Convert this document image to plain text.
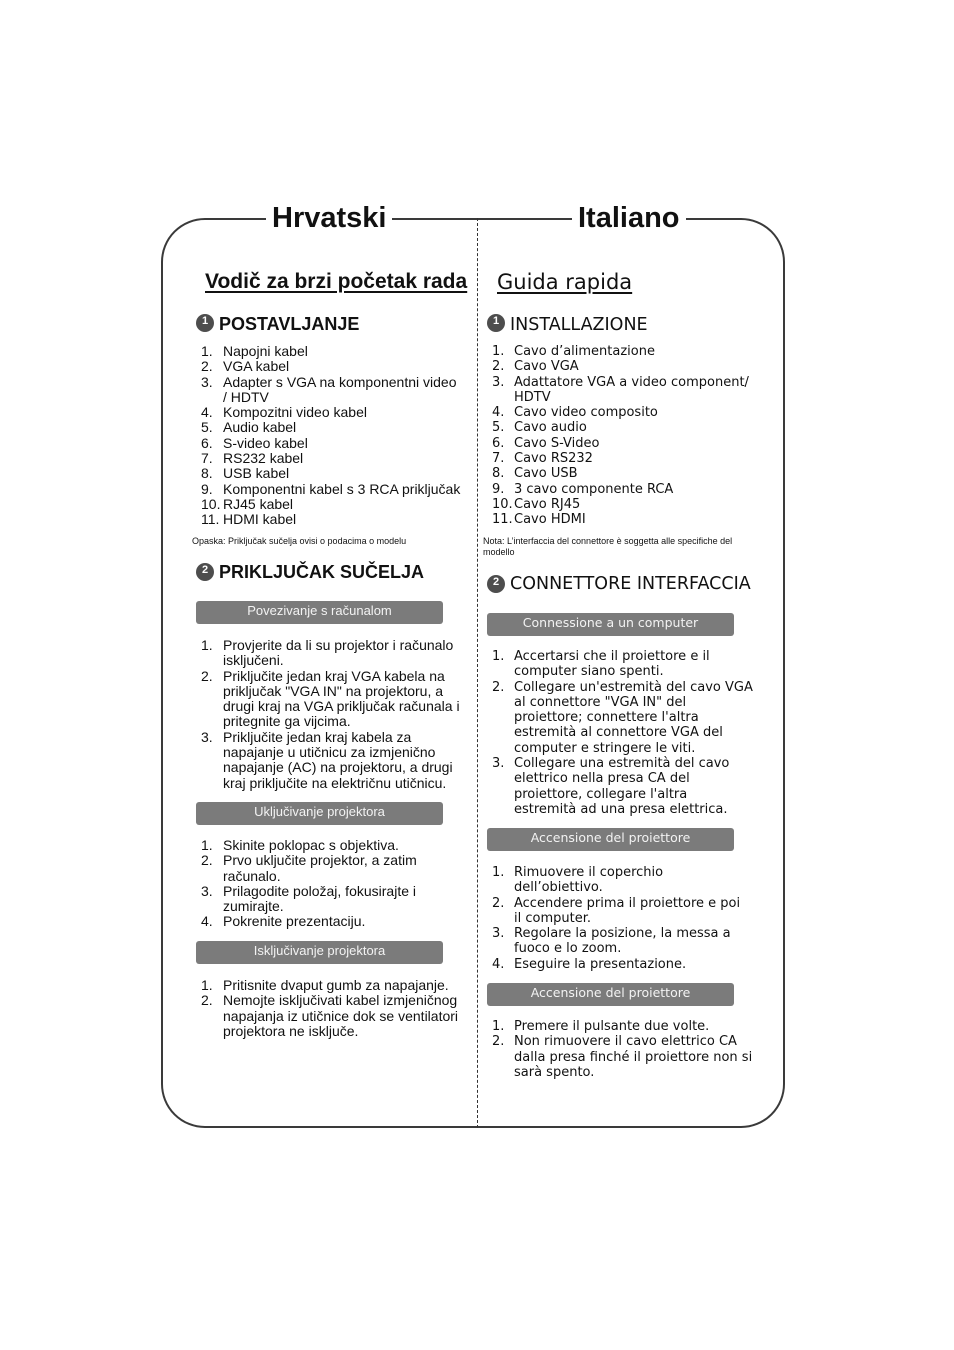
Hrvatski	Italiano
Vodič za brzi početak rada
1 POSTAVLJANJE
1. Napojni kabel
2. VGA kabel
3. Adapter s VGA na komponentni video
/ HDTV
4. Kompozitni video kabel
5. Audio kabel
6. S-video kabel
7. RS232 kabel
8. USB kabel
9. Komponentni kabel s 3 RCA priključak
10. RJ45 kabel
11. HDMI kabel
Opaska: Priključak sučelja ovisi o podacima o modelu
2 PRIKLJUČAK SUČELJA
Povezivanje s računalom
1. Provjerite da li su projektor i računalo
isključeni.
2. Priključite jedan kraj VGA kabela na
priključak "VGA IN" na projektoru, a
drugi kraj na VGA priključak računala i
pritegnite ga vijcima.
3. Priključite jedan kraj kabela za
napajanje u utičnicu za izmjenično
napajanje (AC) na projektoru, a drugi
kraj priključite na električnu utičnicu.
Uključivanje projektora
1. Skinite poklopac s objektiva.
2. Prvo uključite projektor, a zatim
računalo.
3. Prilagodite položaj, fokusirajte i
zumirajte.
4. Pokrenite prezentaciju.
Isključivanje projektora
1. Pritisnite dvaput gumb za napajanje.
2. Nemojte isključivati kabel izmjeničnog
napajanja iz utičnice dok se ventilatori
projektora ne isključe.
Guida rapida
1 INSTALLAZIONE
1. Cavo d’alimentazione
2. Cavo VGA
3. Adattatore VGA a video component/
HDTV
4. Cavo video composito
5. Cavo audio
6. Cavo S-Video
7. Cavo RS232
8. Cavo USB
9. 3 cavo componente RCA
10. Cavo RJ45
11. Cavo HDMI
Nota: L’interfaccia del connettore è soggetta alle specifiche del
modello
2 CONNETTORE INTERFACCIA
Connessione a un computer
1. Accertarsi che il proiettore e il
computer siano spenti.
2. Collegare un'estremità del cavo VGA
al connettore "VGA IN" del
proiettore; connettere l'altra
estremità al connettore VGA del
computer e stringere le viti.
3. Collegare una estremità del cavo
elettrico nella presa CA del
proiettore, collegare l'altra
estremità ad una presa elettrica.
Accensione del proiettore
1. Rimuovere il coperchio
dell’obiettivo.
2. Accendere prima il proiettore e poi
il computer.
3. Regolare la posizione, la messa a
fuoco e lo zoom.
4. Eseguire la presentazione.
Accensione del proiettore
1. Premere il pulsante due volte.
2. Non rimuovere il cavo elettrico CA
dalla presa finché il proiettore non si
sarà spento.
